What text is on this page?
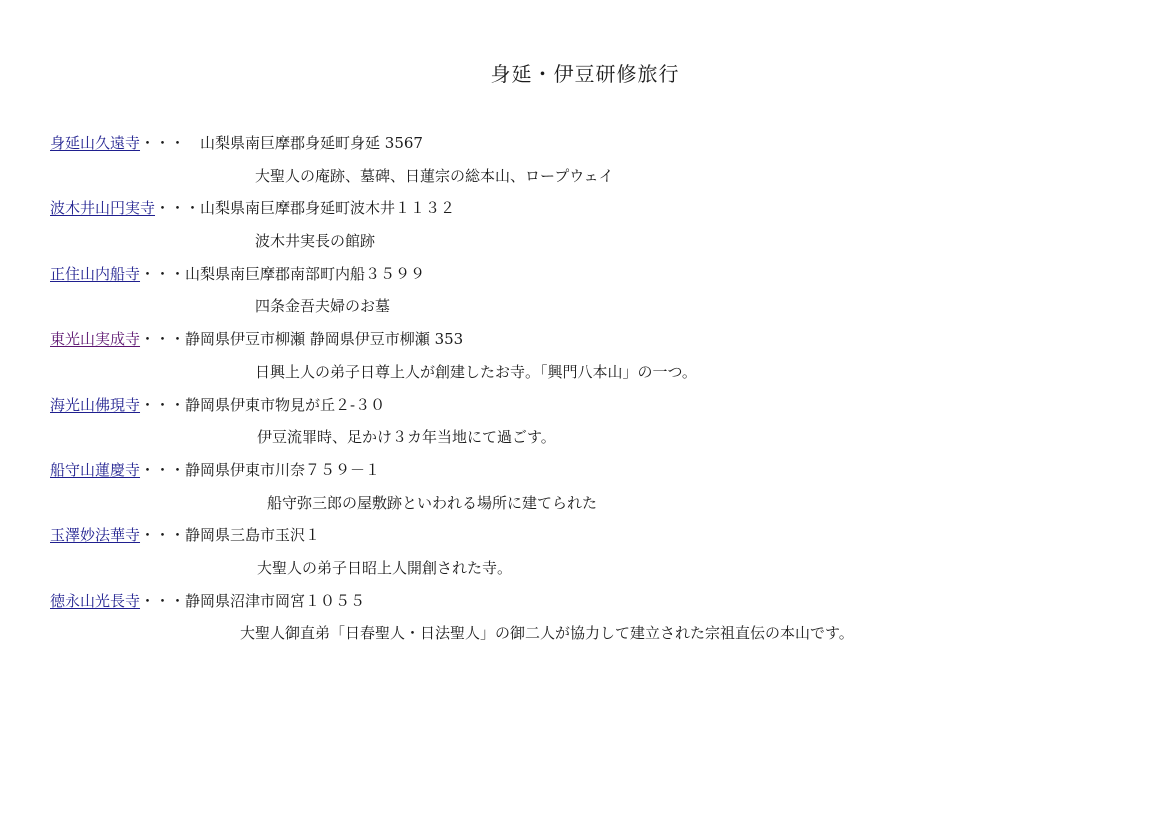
身延・伊豆研修旅行
身延山久遠寺・・・　山梨県南巨摩郡身延町身延 3567
大聖人の庵跡、墓碑、日蓮宗の総本山、ロープウェイ
波木井山円実寺・・・山梨県南巨摩郡身延町波木井１１３２
波木井実長の館跡
正住山内船寺・・・山梨県南巨摩郡南部町内船３５９９
四条金吾夫婦のお墓
東光山実成寺・・・静岡県伊豆市柳瀬 静岡県伊豆市柳瀬 353
日興上人の弟子日尊上人が創建したお寺。「興門八本山」の一つ。
海光山佛現寺・・・静岡県伊東市物見が丘２-３０
伊豆流罪時、足かけ３カ年当地にて過ごす。
船守山蓮慶寺・・・静岡県伊東市川奈７５９－１
船守弥三郎の屋敷跡といわれる場所に建てられた
玉澤妙法華寺・・・静岡県三島市玉沢１
大聖人の弟子日昭上人開創された寺。
徳永山光長寺・・・静岡県沼津市岡宮１０５５
大聖人御直弟「日春聖人・日法聖人」の御二人が協力して建立された宗祖直伝の本山です。
